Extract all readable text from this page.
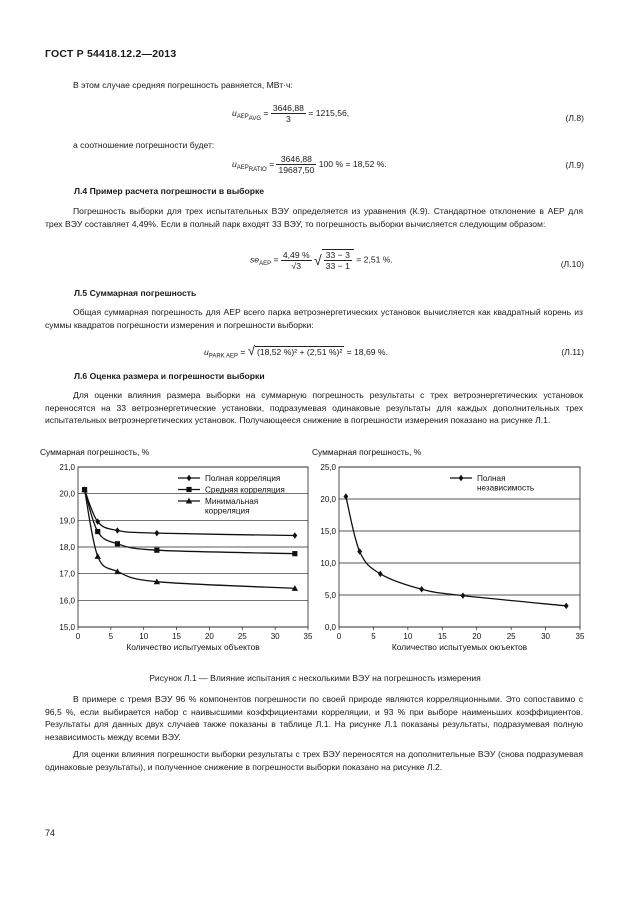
ГОСТ Р 54418.12.2—2013
В этом случае средняя погрешность равняется, МВт·ч:
$u_{AEP_{AVG}} = \frac{3646,88}{3} = 1215,56$,
(Л.8)
а соотношение погрешности будет:
$u_{AEP_{RATIO}} = \frac{3646,88}{19687,50} 100$ % = 18,52 %.	(Л.9)
Л.4 Пример расчета погрешности в выборке
Погрешность выборки для трех испытательных ВЭУ определяется из уравнения (К.9). Стандартное отклонение в AEP для трех ВЭУ составляет 4,49%. Если в полный парк входят 33 ВЭУ, то погрешность выборки вычисляется следующим образом:
$se_{AEP} = \frac{4,49 \%}{√3}$ √ $\frac{33 - 3}{33 - 1} = 2,51$ %.	(Л.10)
Л.5 Суммарная погрешность
Общая суммарная погрешность для AEP всего парка ветроэнергетических установок вычисляется как квадратный корень из суммы квадратов погрешности измерения и погрешности выборки:
$u_{PARK AEP}$ = √ (18,52 %)² + (2,51 %)² = 18,69 %.	(Л.11)
Л.6 Оценка размера и погрешности выборки
Для оценки влияния размера выборки на суммарную погрешность результаты с трех ветроэнергетических установок переносятся на 33 ветроэнергетические установки, подразумевая одинаковые результаты для каждых дополнительных трех испытательных ветроэнергетических установок. Получающееся снижение в погрешности измерения показано на рисунке Л.1.
Суммарная погрешность, %
15,0
16,0
17,0
18,0
19,0
20,0
21,0
0	5	10	15	20	25	30	35
Количество испытуемых объектов
Полная корреляция
Средняя корреляция
Минимальная
корреляция
Суммарная погрешность, %
0,0
5,0
10,0
15,0
20,0
25,0
0	5	10	15	20	25	30	35
Количество испытуемых оюъектов
Полная
независимость
Рисунок Л.1 — Влияние испытания с несколькими ВЭУ на погрешность измерения
В примере с тремя ВЭУ 96 % компонентов погрешности по своей природе являются корреляционными. Это сопоставимо с 96,5 %, если выбирается набор с наивысшими коэффициентами корреляции, и 93 % при выборе наименьших коэффициентов. Результаты для данных двух случаев также показаны в таблице Л.1. На рисунке Л.1 показаны результаты, подразумевая полную независимость между всеми ВЭУ.
Для оценки влияния погрешности выборки результаты с трех ВЭУ переносятся на дополнительные ВЭУ (снова подразумевая одинаковые результаты), и полученное снижение в погрешности выборки показано на рисунке Л.2.
74
